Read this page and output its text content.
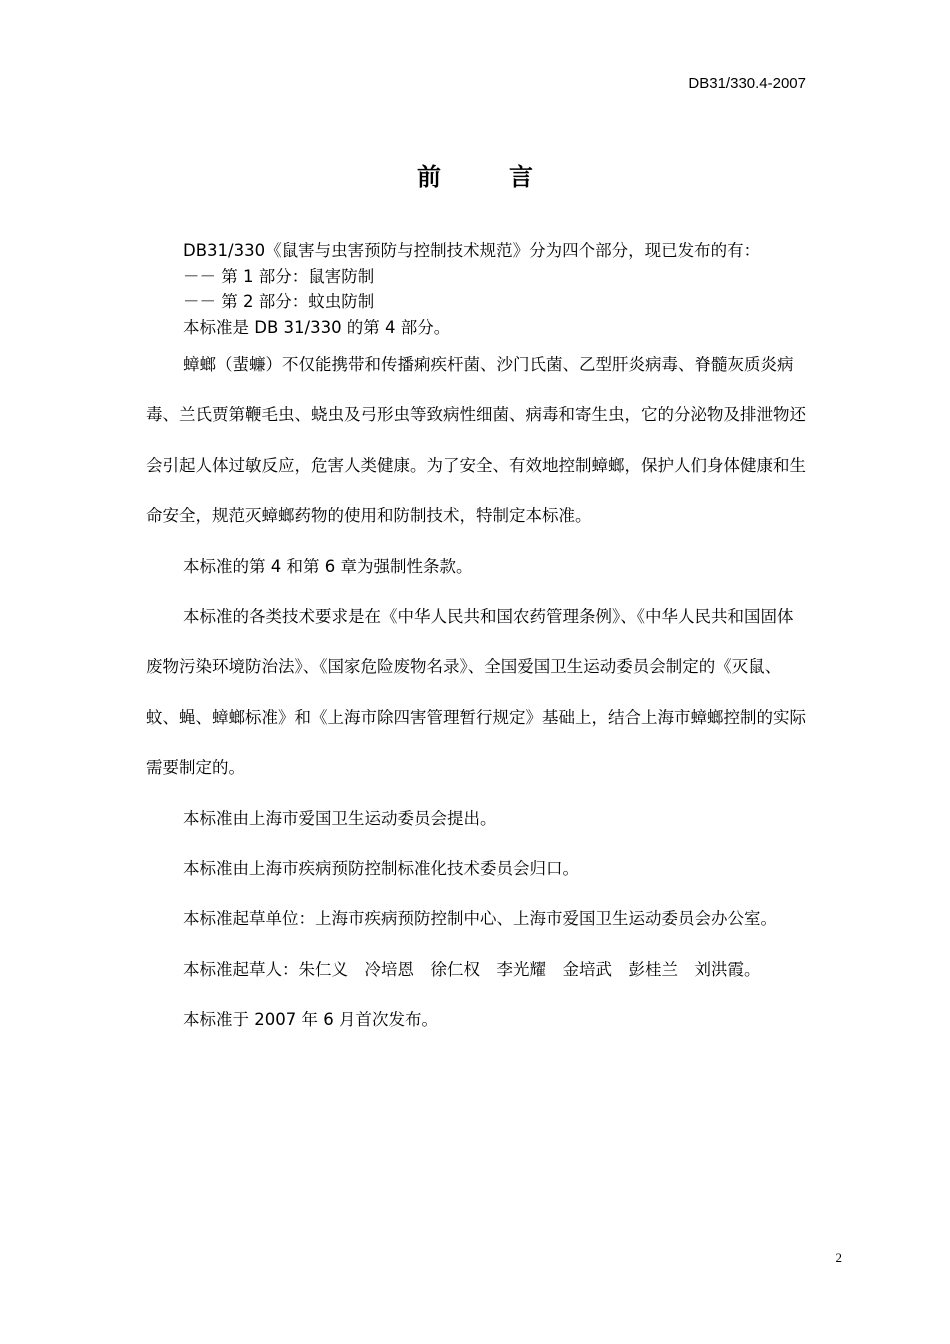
DB31/330.4-2007
前言

DB31/330《鼠害与虫害预防与控制技术规范》分为四个部分，现已发布的有：

－－ 第 1 部分：鼠害防制

－－ 第 2 部分：蚊虫防制

本标准是 DB 31/330 的第 4 部分。

蟑螂（蜚蠊）不仅能携带和传播痢疾杆菌、沙门氏菌、乙型肝炎病毒、脊髓灰质炎病毒、兰氏贾第鞭毛虫、蛲虫及弓形虫等致病性细菌、病毒和寄生虫，它的分泌物及排泄物还会引起人体过敏反应，危害人类健康。为了安全、有效地控制蟑螂，保护人们身体健康和生命安全，规范灭蟑螂药物的使用和防制技术，特制定本标准。

本标准的第 4 和第 6 章为强制性条款。

本标准的各类技术要求是在《中华人民共和国农药管理条例》、《中华人民共和国固体废物污染环境防治法》、《国家危险废物名录》、全国爱国卫生运动委员会制定的《灭鼠、蚊、蝇、蟑螂标准》和《上海市除四害管理暂行规定》基础上，结合上海市蟑螂控制的实际需要制定的。

本标准由上海市爱国卫生运动委员会提出。

本标准由上海市疾病预防控制标准化技术委员会归口。

本标准起草单位：上海市疾病预防控制中心、上海市爱国卫生运动委员会办公室。

本标准起草人：朱仁义　冷培恩　徐仁权　李光耀　金培武　彭桂兰　刘洪霞。

本标准于 2007 年 6 月首次发布。

2
